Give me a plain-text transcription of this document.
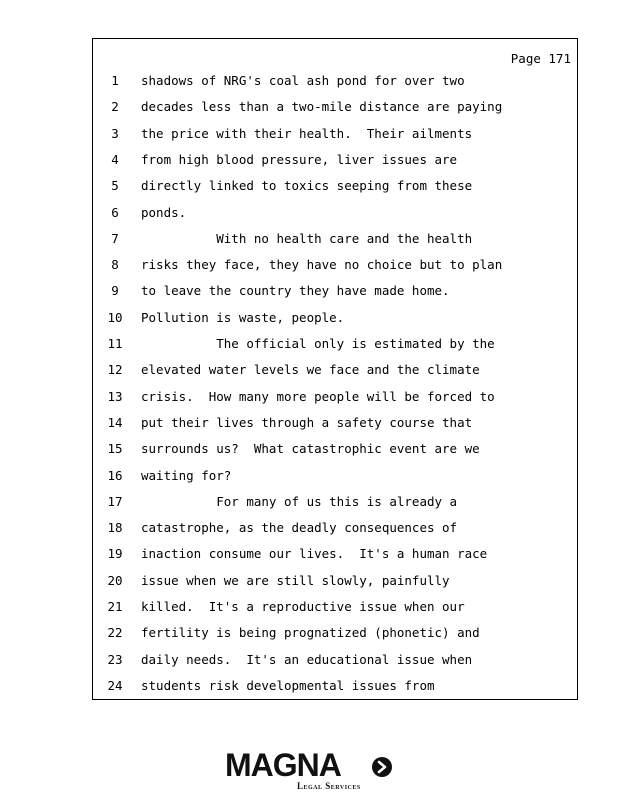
Page 171
1	shadows of NRG's coal ash pond for over two
2	decades less than a two-mile distance are paying
3	the price with their health.  Their ailments
4	from high blood pressure, liver issues are
5	directly linked to toxics seeping from these
6	ponds.
7	With no health care and the health
8	risks they face, they have no choice but to plan
9	to leave the country they have made home.
10	Pollution is waste, people.
11	The official only is estimated by the
12	elevated water levels we face and the climate
13	crisis.  How many more people will be forced to
14	put their lives through a safety course that
15	surrounds us?  What catastrophic event are we
16	waiting for?
17	For many of us this is already a
18	catastrophe, as the deadly consequences of
19	inaction consume our lives.  It's a human race
20	issue when we are still slowly, painfully
21	killed.  It's a reproductive issue when our
22	fertility is being prognatized (phonetic) and
23	daily needs.  It's an educational issue when
24	students risk developmental issues from
MAGNA
Legal Services
